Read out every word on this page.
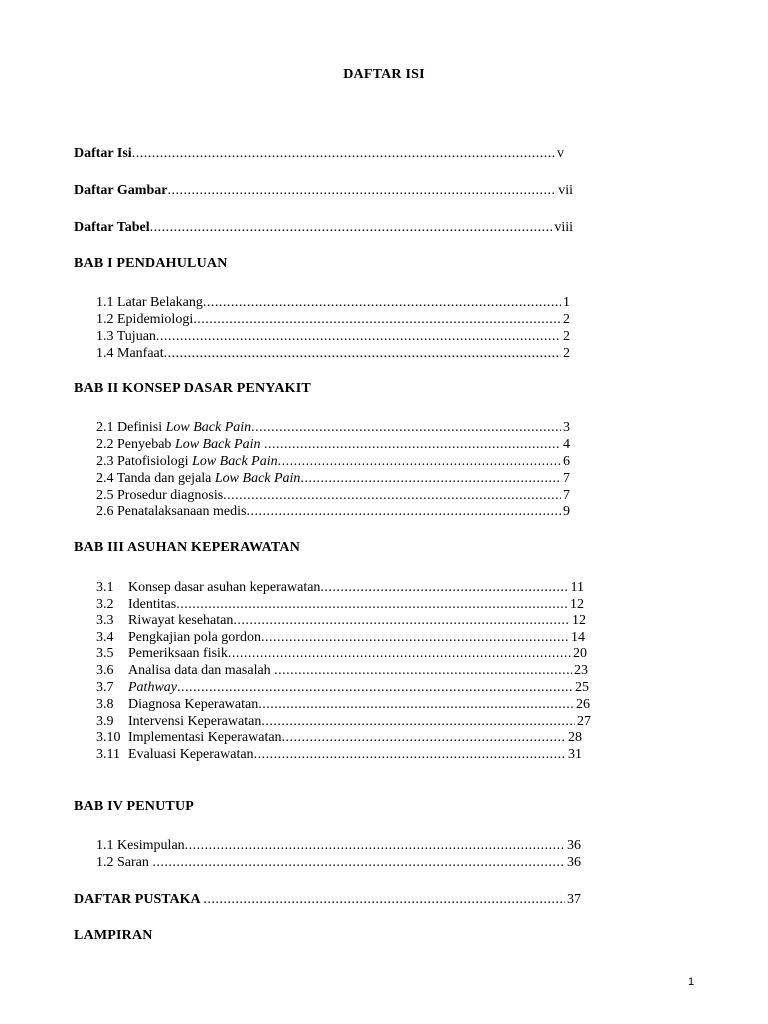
DAFTAR ISI
Daftar Isi .....	v
Daftar Gambar .....	vii
Daftar Tabel .....	viii
BAB I PENDAHULUAN
1.1 Latar Belakang .....	1
1.2 Epidemiologi .....	2
1.3 Tujuan .....	2
1.4 Manfaat .....	2
BAB II KONSEP DASAR PENYAKIT
2.1 Definisi Low Back Pain .....	3
2.2 Penyebab Low Back Pain .....	4
2.3 Patofisiologi Low Back Pain .....	6
2.4 Tanda dan gejala Low Back Pain .....	7
2.5 Prosedur diagnosis .....	7
2.6 Penatalaksanaan medis .....	9
BAB III ASUHAN KEPERAWATAN
3.1	Konsep dasar asuhan keperawatan .....	11
3.2	Identitas .....	12
3.3	Riwayat kesehatan .....	12
3.4	Pengkajian pola gordon .....	14
3.5	Pemeriksaan fisik .....	20
3.6	Analisa data dan masalah .....	23
3.7	Pathway .....	25
3.8	Diagnosa Keperawatan .....	26
3.9	Intervensi Keperawatan .....	27
3.10 Implementasi Keperawatan .....	28
3.11 Evaluasi Keperawatan .....	31
BAB IV PENUTUP
1.1 Kesimpulan .....	36
1.2 Saran .....	36
DAFTAR PUSTAKA .....	37
LAMPIRAN
1
